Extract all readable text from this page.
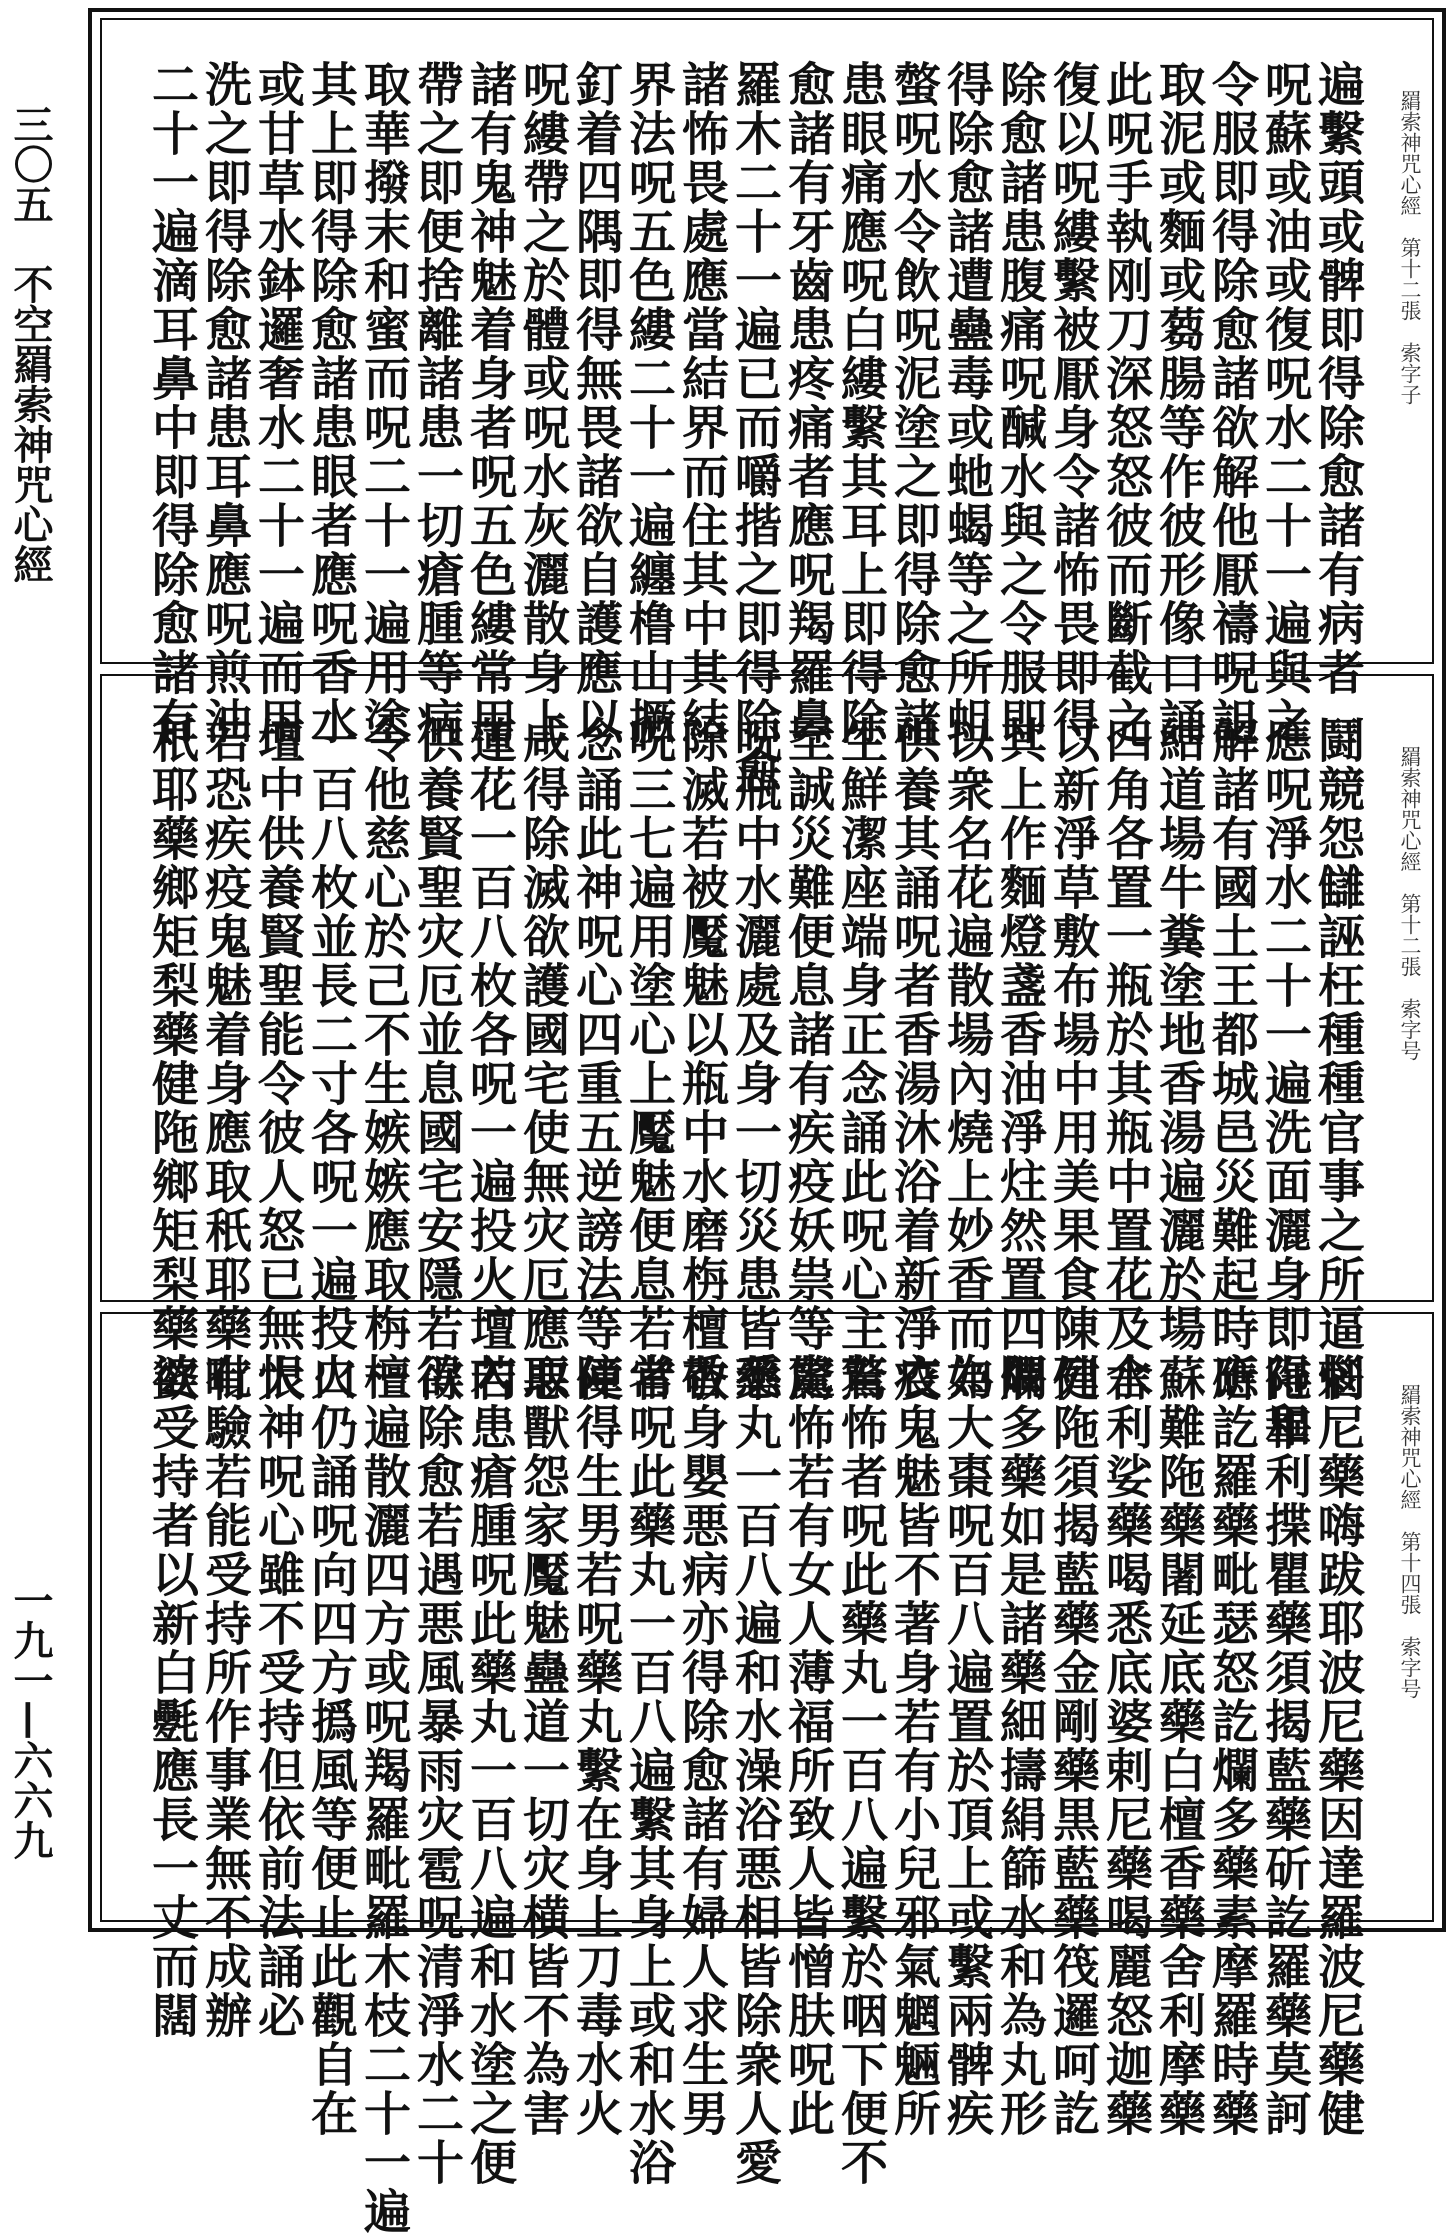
三〇五　不空羂索神咒心經
一九一—六六九
羂索神咒心經　第十二張　索字子
遍繫頭或髀即得除愈諸有病者
呪蘇或油或復呪水二十一遍與之
令服即得除愈諸欲解他厭禱呪詛
取泥或麵或蒭腸等作彼形像口誦
此呪手執刚刀深怒怒彼而斷截之
復以呪縷繫被厭身令諸怖畏即得
除愈諸患腹痛呪醎水與之令服即
得除愈諸遭蠱毒或虵蝎等之所蛆
螫呪水令飲呪泥塗之即得除愈諸
患眼痛應呪白縷繫其耳上即得除
愈諸有牙齒患疼痛者應呪羯羅鼻
羅木二十一遍已而嚼揩之即得除愈
諸怖畏處應當結界而住其中其結
界法呪五色縷二十一遍纏橹山撅
釘着四隅即得無畏諸欲自護應以
呪縷帶之於體或呪水灰灑散身上
諸有鬼神魅着身者呪五色縷常用
帶之即便捨離諸患一切瘡腫等病
取華撥末和蜜而呪二十一遍用塗
其上即得除愈諸患眼者應呪香水
或甘草水鉢邏奢水二十一遍而用
洗之即得除愈諸患耳鼻應呪煎油
二十一遍滴耳鼻中即得除愈諸有
羂索神咒心經　第十二張　索字号
鬪競怨讎誣枉種種官事之所逼惱
應呪淨水二十一遍洗面灑身即得和
解諸有國土王都城邑災難起時應
結道場牛糞塗地香湯遍灑於場
四角各置一瓶於其瓶中置花及水
以新淨草敷布場中用美果食陳列
其上作麵燈盞香油淨炷然置四隅
以衆名花遍散場內燒上妙香而為
供養其誦呪者香湯沐浴着新淨衣
生鮮潔座端身正念誦此呪心主若
至誠災難便息諸有疾疫妖祟等處
呪瓶中水灑處及身一切災患皆悉
除滅若被魘魅以瓶中水磨栴檀香
呪三七遍用塗心上魘魅便息若常
念誦此神呪心四重五逆謗法等障
咸得除滅欲護國宅使無灾厄應取
蓮花一百八枚各呪一遍投火壇內
供養賢聖灾厄並息國宅安隱若欲
令他慈心於己不生嫉嫉應取栴檀
一百八枚並長二寸各呪一遍投火
壇中供養賢聖能令彼人怒已無恨
若恐疾疫鬼魅着身應取秖耶藥毗
秖耶藥鄉矩梨藥健陁鄉矩梨藥婆
羂索神咒心經　第十四張　索字号
剌尼藥嗨跋耶波尼藥因達羅波尼藥健
陁畢利揲瞿藥須揭藍藥斫訖羅藥莫訶
斫訖羅藥毗瑟怒訖爛多藥素摩羅時藥
蘇難陁藥闍延底藥白檀香藥舍利摩藥
舍利娑藥喝悉底婆剌尼藥喝麗怒迦藥
健陁須揭藍藥金剛藥黒藍藥筏邏呵訖
爛多藥如是諸藥細擣絹篩水和為丸形
如大棗呪百八遍置於頂上或繫兩髀疾
疫鬼魅皆不著身若有小兒邪氣魍魎所
驚怖者呪此藥丸一百八遍繫於咽下便不
驚怖若有女人薄福所致人皆憎肤呪此
藥丸一百八遍和水澡浴悪相皆除衆人愛
敬身嬰悪病亦得除愈諸有婦人求生男
者呪此藥丸一百八遍繫其身上或和水浴
便得生男若呪藥丸繫在身上刀毒水火
悪獸怨家魘魅蠱道一切灾横皆不為害
若患瘡腫呪此藥丸一百八遍和水塗之便
得除愈若遇悪風暴雨灾雹呪清淨水二十
一遍散灑四方或呪羯羅毗羅木枝二十一遍
口仍誦呪向四方撝風等便止此觀自在
大神呪心雖不受持但依前法誦必
有驗若能受持所作事業無不成辦
欲受持者以新白氎應長一丈而闊
